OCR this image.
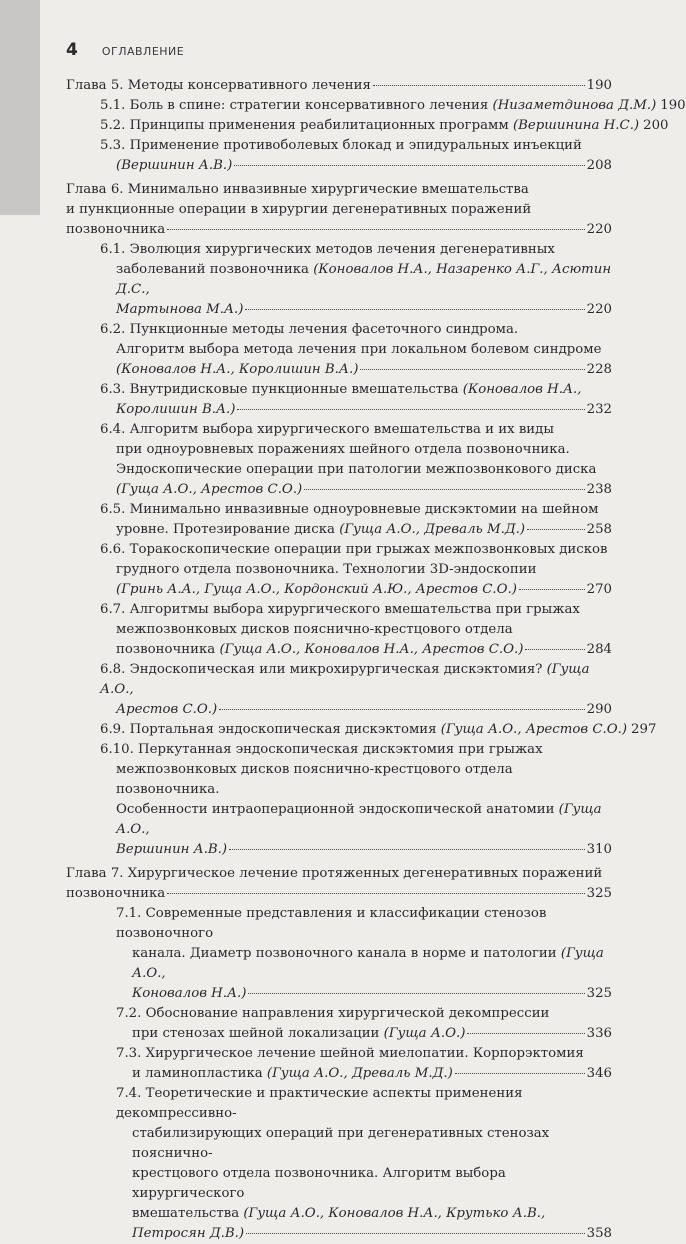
4 ОГЛАВЛЕНИЕ
Глава 5. Методы консервативного лечения	190
5.1. Боль в спине: стратегии консервативного лечения (Низаметдинова Д.М.) 190
5.2. Принципы применения реабилитационных программ (Вершинина Н.С.) 200
5.3. Применение противоболевых блокад и эпидуральных инъекций
(Вершинин А.В.)	208
Глава 6. Минимально инвазивные хирургические вмешательства
и пункционные операции в хирургии дегенеративных поражений
позвоночника	220
6.1. Эволюция хирургических методов лечения дегенеративных
заболеваний позвоночника (Коновалов Н.А., Назаренко А.Г., Асютин Д.С.,
Мартынова М.А.)	220
6.2. Пункционные методы лечения фасеточного синдрома.
Алгоритм выбора метода лечения при локальном болевом синдроме
(Коновалов Н.А., Королишин В.А.)	228
6.3. Внутридисковые пункционные вмешательства (Коновалов Н.А.,
Королишин В.А.)	232
6.4. Алгоритм выбора хирургического вмешательства и их виды
при одноуровневых поражениях шейного отдела позвоночника.
Эндоскопические операции при патологии межпозвонкового диска
(Гуща А.О., Арестов С.О.)	238
6.5. Минимально инвазивные одноуровневые дискэктомии на шейном
уровне. Протезирование диска (Гуща А.О., Древаль М.Д.)	258
6.6. Торакоскопические операции при грыжах межпозвонковых дисков
грудного отдела позвоночника. Технологии 3D-эндоскопии
(Гринь А.А., Гуща А.О., Кордонский А.Ю., Арестов С.О.)	270
6.7. Алгоритмы выбора хирургического вмешательства при грыжах
межпозвонковых дисков пояснично-крестцового отдела
позвоночника (Гуща А.О., Коновалов Н.А., Арестов С.О.)	284
6.8. Эндоскопическая или микрохирургическая дискэктомия? (Гуща А.О.,
Арестов С.О.)	290
6.9. Портальная эндоскопическая дискэктомия (Гуща А.О., Арестов С.О.) 297
6.10. Перкутанная эндоскопическая дискэктомия при грыжах
межпозвонковых дисков пояснично-крестцового отдела позвоночника.
Особенности интраоперационной эндоскопической анатомии (Гуща А.О.,
Вершинин А.В.)	310
Глава 7. Хирургическое лечение протяженных дегенеративных поражений
позвоночника	325
7.1. Современные представления и классификации стенозов позвоночного
канала. Диаметр позвоночного канала в норме и патологии (Гуща А.О.,
Коновалов Н.А.)	325
7.2. Обоснование направления хирургической декомпрессии
при стенозах шейной локализации (Гуща А.О.)	336
7.3. Хирургическое лечение шейной миелопатии. Корпорэктомия
и ламинопластика (Гуща А.О., Древаль М.Д.)	346
7.4. Теоретические и практические аспекты применения декомпрессивно-
стабилизирующих операций при дегенеративных стенозах пояснично-
крестцового отдела позвоночника. Алгоритм выбора хирургического
вмешательства (Гуща А.О., Коновалов Н.А., Крутько А.В.,
Петросян Д.В.)	358
